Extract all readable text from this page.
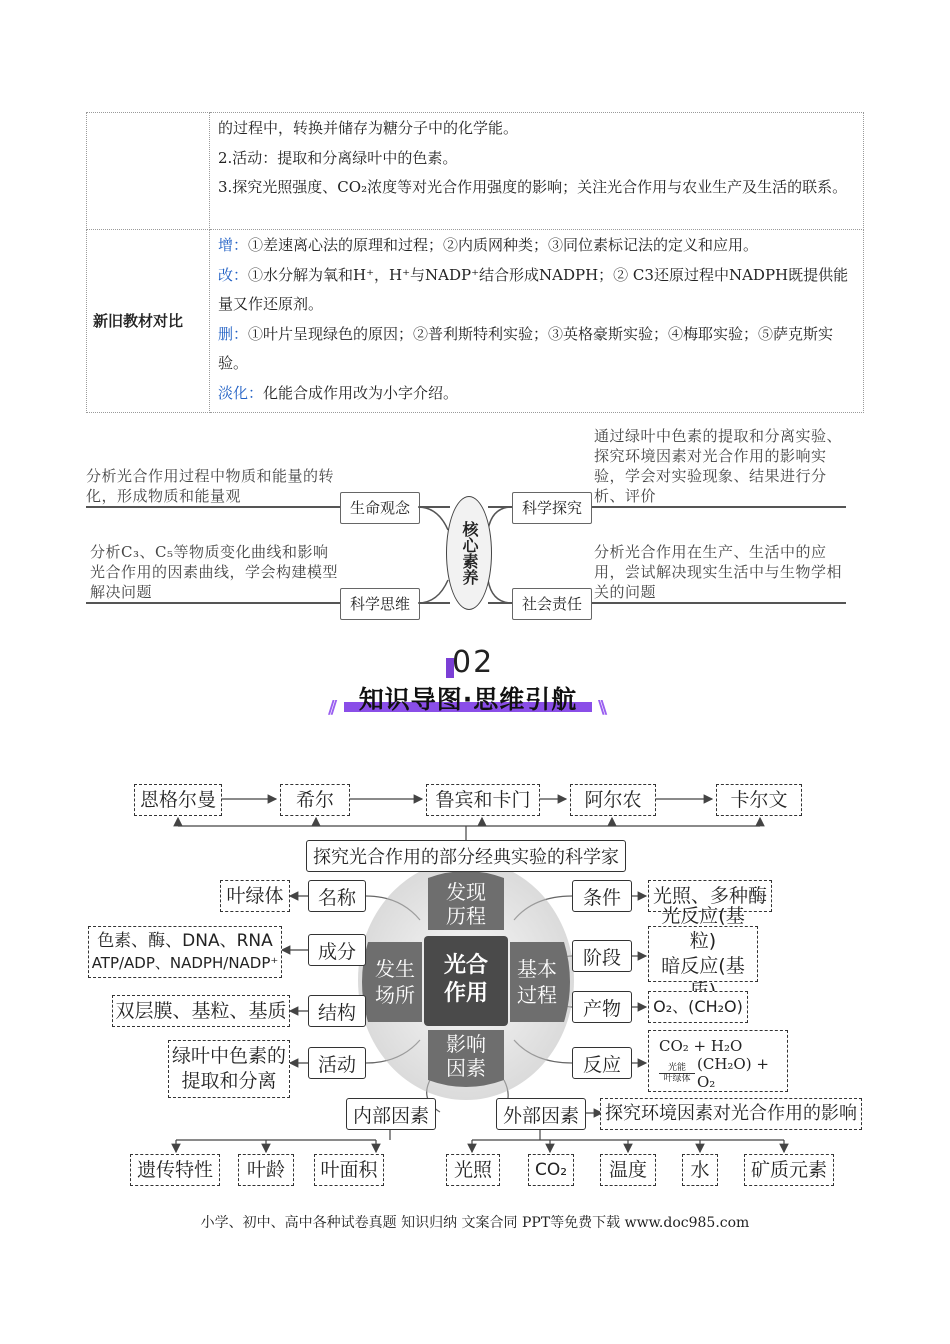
	的过程中，转换并储存为糖分子中的化学能。
2.活动：提取和分离绿叶中的色素。
3.探究光照强度、CO₂浓度等对光合作用强度的影响；关注光合作用与农业生产及生活的联系。

新旧教材对比	增：①差速离心法的原理和过程；②内质网种类；③同位素标记法的定义和应用。
改：①水分解为氧和H⁺，H⁺与NADP⁺结合形成NADPH；② C3还原过程中NADPH既提供能量又作还原剂。
删：①叶片呈现绿色的原因；②普利斯特利实验；③英格豪斯实验；④梅耶实验；⑤萨克斯实验。
淡化：化能合成作用改为小字介绍。
分析光合作用过程中物质和能量的转化，形成物质和能量观
分析C₃、C₅等物质变化曲线和影响光合作用的因素曲线，学会构建模型解决问题
通过绿叶中色素的提取和分离实验、探究环境因素对光合作用的影响实验，学会对实验现象、结果进行分析、评价
分析光合作用在生产、生活中的应用，尝试解决现实生活中与生物学相关的问题
生命观念
科学思维
科学探究
社会责任
核心素养
02
//	\\
知识导图·思维引航
发现
历程
影响
因素
发生
场所
基本
过程
光合
作用
恩格尔曼	希尔	鲁宾和卡门	阿尔农	卡尔文
探究光合作用的部分经典实验的科学家
名称
叶绿体
成分
色素、酶、DNA、RNA
ATP/ADP、NADPH/NADP⁺
结构
双层膜、基粒、基质
活动
绿叶中色素的
提取和分离
条件	光照、多种酶
阶段
光反应(基粒)
暗反应(基
产物	O₂、(CH₂O)
反应
CO₂ + H₂O
光能
叶绿体
(CH₂O) + O₂
内部因素	外部因素	探究环境因素对光合作用的影响
遗传特性	叶龄	叶面积	光照	CO₂	温度	水	矿质元素
小学、初中、高中各种试卷真题 知识归纳 文案合同 PPT等免费下载 www.doc985.com
